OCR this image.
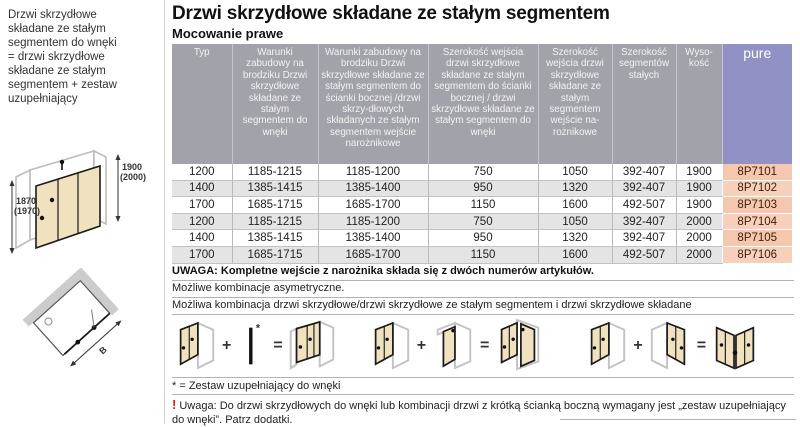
Drzwi skrzydłowe
składane ze stałym
segmentem do wnęki
= drzwi skrzydłowe
składane ze stałym
segmentem + zestaw
uzupełniający
1900
(2000)
1870
(1970)
B
Drzwi skrzydłowe składane ze stałym segmentem
Mocowanie prawe
Typ	Warunki zabudowy na brodziku Drzwi skrzydłowe składane ze stałym segmentem do wnęki	Warunki zabudowy na brodziku Drzwi skrzydłowe składane ze stałym segmentem do ścianki bocznej /drzwi skrzy-dłowych składanych ze stałym segmentem wejście narożnikowe	Szerokość wejścia drzwi skrzydłowe składane ze stałym segmentem do ścianki bocznej / drzwi skrzydłowe składane ze stałym segmentem do wnęki	Szerokość wejścia drzwi skrzydłowe składane ze stałym segmentem wejście na-rożnikowe	Szerokość segmentów stałych	Wyso-kość	pure
1200	1185-1215	1185-1200	750	1050	392-407	1900	8P7101
1400	1385-1415	1385-1400	950	1320	392-407	1900	8P7102
1700	1685-1715	1685-1700	1150	1600	492-507	1900	8P7103
1200	1185-1215	1185-1200	750	1050	392-407	2000	8P7104
1400	1385-1415	1385-1400	950	1320	392-407	2000	8P7105
1700	1685-1715	1685-1700	1150	1600	492-507	2000	8P7106
UWAGA: Kompletne wejście z narożnika składa się z dwóch numerów artykułów.
Możliwe kombinacje asymetryczne.
Możliwa kombinacja drzwi skrzydłowe/drzwi skrzydłowe ze stałym segmentem i drzwi skrzydłowe składane
+
*
=	+	=	+	=
* = Zestaw uzupełniający do wnęki
! Uwaga: Do drzwi skrzydłowych do wnęki lub kombinacji drzwi z krótką ścianką boczną wymagany jest „zestaw uzupełniający do wnęki”. Patrz dodatki.
